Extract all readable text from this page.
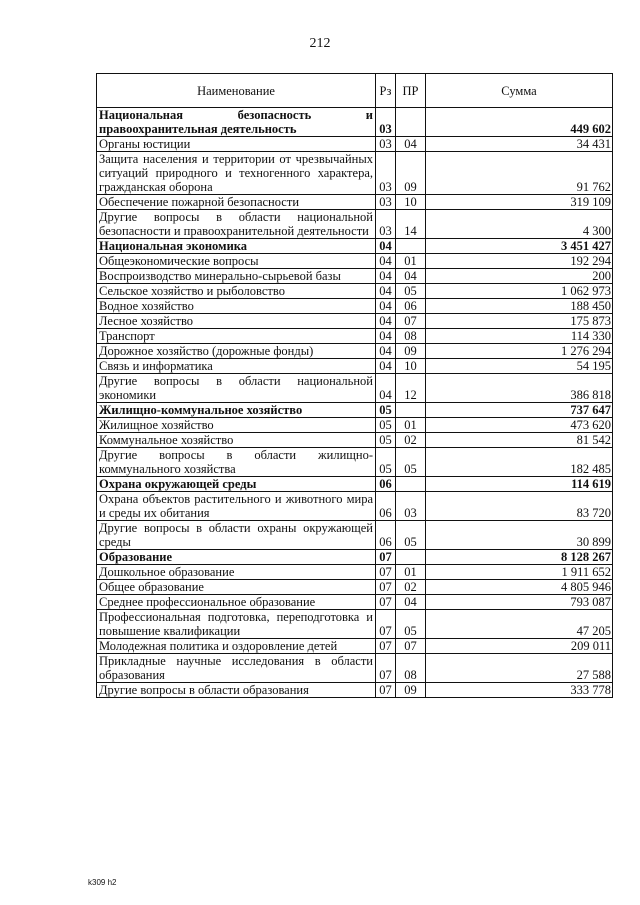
212
Наименование	Рз	ПР	Сумма
Национальная безопасность и правоохранительная деятельность	03		449 602
Органы юстиции	03	04	34 431
Защита населения и территории от чрезвычайных ситуаций природного и техногенного характера, гражданская оборона	03	09	91 762
Обеспечение пожарной безопасности	03	10	319 109
Другие вопросы в области национальной безопасности и правоохранительной деятельности	03	14	4 300
Национальная экономика	04		3 451 427
Общеэкономические вопросы	04	01	192 294
Воспроизводство минерально-сырьевой базы	04	04	200
Сельское хозяйство и рыболовство	04	05	1 062 973
Водное хозяйство	04	06	188 450
Лесное хозяйство	04	07	175 873
Транспорт	04	08	114 330
Дорожное хозяйство (дорожные фонды)	04	09	1 276 294
Связь и информатика	04	10	54 195
Другие вопросы в области национальной экономики	04	12	386 818
Жилищно-коммунальное хозяйство	05		737 647
Жилищное хозяйство	05	01	473 620
Коммунальное хозяйство	05	02	81 542
Другие вопросы в области жилищно-коммунального хозяйства	05	05	182 485
Охрана окружающей среды	06		114 619
Охрана объектов растительного и животного мира и среды их обитания	06	03	83 720
Другие вопросы в области охраны окружающей среды	06	05	30 899
Образование	07		8 128 267
Дошкольное образование	07	01	1 911 652
Общее образование	07	02	4 805 946
Среднее профессиональное образование	07	04	793 087
Профессиональная подготовка, переподготовка и повышение квалификации	07	05	47 205
Молодежная политика и оздоровление детей	07	07	209 011
Прикладные научные исследования в области образования	07	08	27 588
Другие вопросы в области образования	07	09	333 778
k309 h2
